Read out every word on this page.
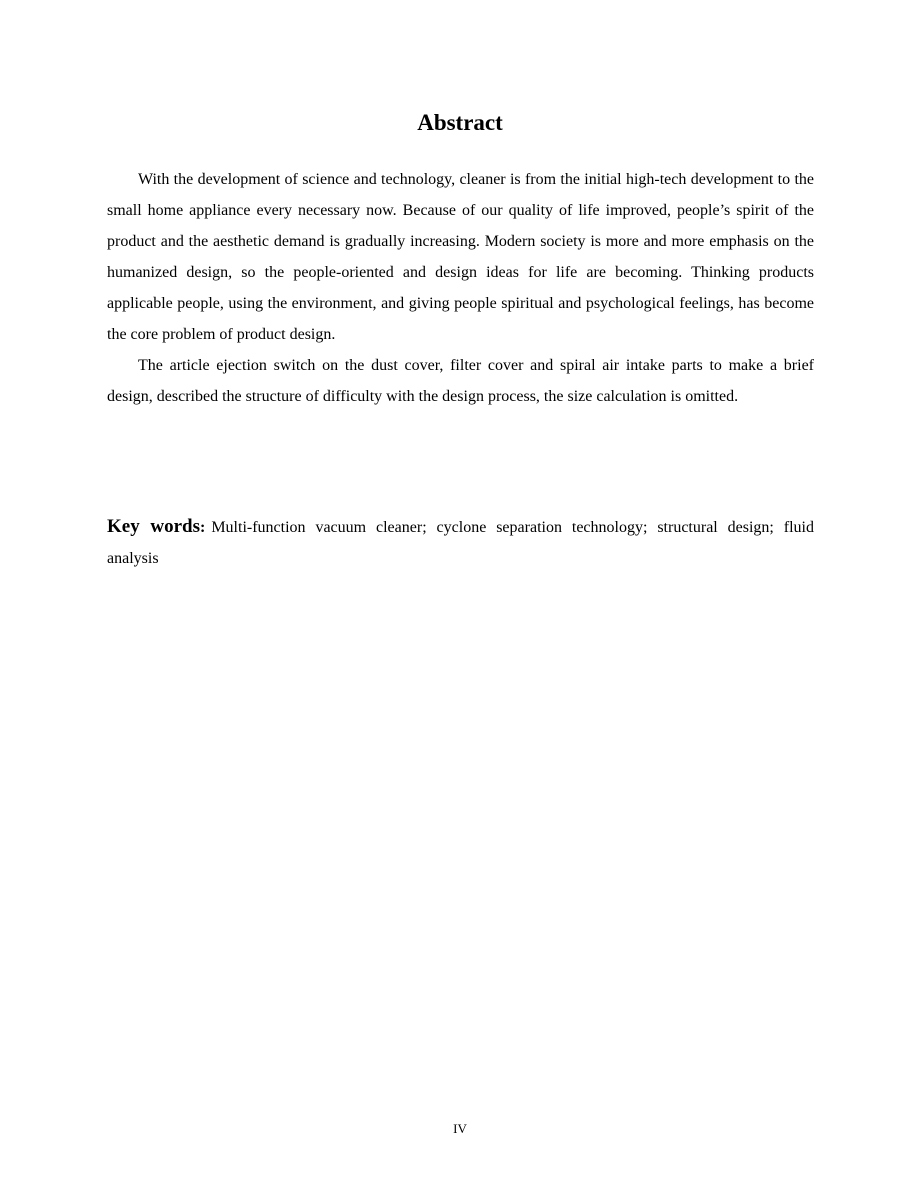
Abstract

With the development of science and technology, cleaner is from the initial high-tech development to the small home appliance every necessary now. Because of our quality of life improved, people’s spirit of the product and the aesthetic demand is gradually increasing. Modern society is more and more emphasis on the humanized design, so the people-oriented and design ideas for life are becoming. Thinking products applicable people, using the environment, and giving people spiritual and psychological feelings, has become the core problem of product design.

The article ejection switch on the dust cover, filter cover and spiral air intake parts to make a brief design, described the structure of difficulty with the design process, the size calculation is omitted.

Key words: Multi-function vacuum cleaner; cyclone separation technology; structural design; fluid analysis
IV
